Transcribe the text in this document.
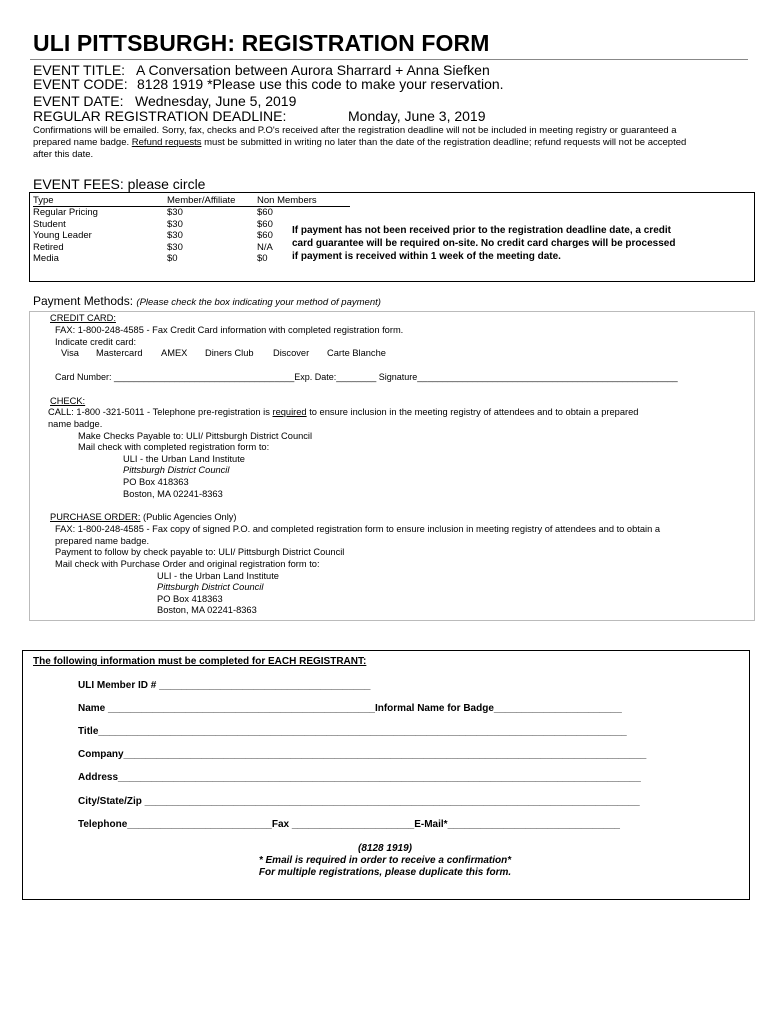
ULI PITTSBURGH: REGISTRATION FORM
EVENT TITLE: A Conversation between Aurora Sharrard + Anna Siefken
EVENT CODE: 8128 1919 *Please use this code to make your reservation.
EVENT DATE: Wednesday, June 5, 2019
REGULAR REGISTRATION DEADLINE:	Monday, June 3, 2019
Confirmations will be emailed. Sorry, fax, checks and P.O's received after the registration deadline will not be included in meeting registry or guaranteed a
prepared name badge. Refund requests must be submitted in writing no later than the date of the registration deadline; refund requests will not be accepted
after this date.
EVENT FEES: please circle
Type	Member/Affiliate Non Members
Regular Pricing	$30	$60
Student	$30	$60
Young Leader	$30	$60
Retired	$30	N/A
Media	$0	$0
If payment has not been received prior to the registration deadline date, a credit
card guarantee will be required on-site. No credit card charges will be processed
if payment is received within 1 week of the meeting date.
Payment Methods: (Please check the box indicating your method of payment)
CREDIT CARD:
FAX: 1-800-248-4585 - Fax Credit Card information with completed registration form.
Indicate credit card:
Visa Mastercard AMEX Diners Club Discover Carte Blanche
Card Number: ____________________________________Exp. Date:________ Signature____________________________________________________
CHECK:
CALL: 1-800 -321-5011 - Telephone pre-registration is required to ensure inclusion in the meeting registry of attendees and to obtain a prepared
name badge.
Make Checks Payable to: ULI/ Pittsburgh District Council
Mail check with completed registration form to:
ULI - the Urban Land Institute
Pittsburgh District Council
PO Box 418363
Boston, MA 02241-8363
PURCHASE ORDER: (Public Agencies Only)
FAX: 1-800-248-4585 - Fax copy of signed P.O. and completed registration form to ensure inclusion in meeting registry of attendees and to obtain a
prepared name badge.
Payment to follow by check payable to: ULI/ Pittsburgh District Council
Mail check with Purchase Order and original registration form to:
ULI - the Urban Land Institute
Pittsburgh District Council
PO Box 418363
Boston, MA 02241-8363
The following information must be completed for EACH REGISTRANT:
ULI Member ID # ______________________________________
Name ________________________________________________Informal Name for Badge_______________________
Title_______________________________________________________________________________________________
Company______________________________________________________________________________________________
Address______________________________________________________________________________________________
City/State/Zip _________________________________________________________________________________________
Telephone__________________________Fax ______________________E-Mail*_______________________________
(8128 1919)
* Email is required in order to receive a confirmation*
For multiple registrations, please duplicate this form.
